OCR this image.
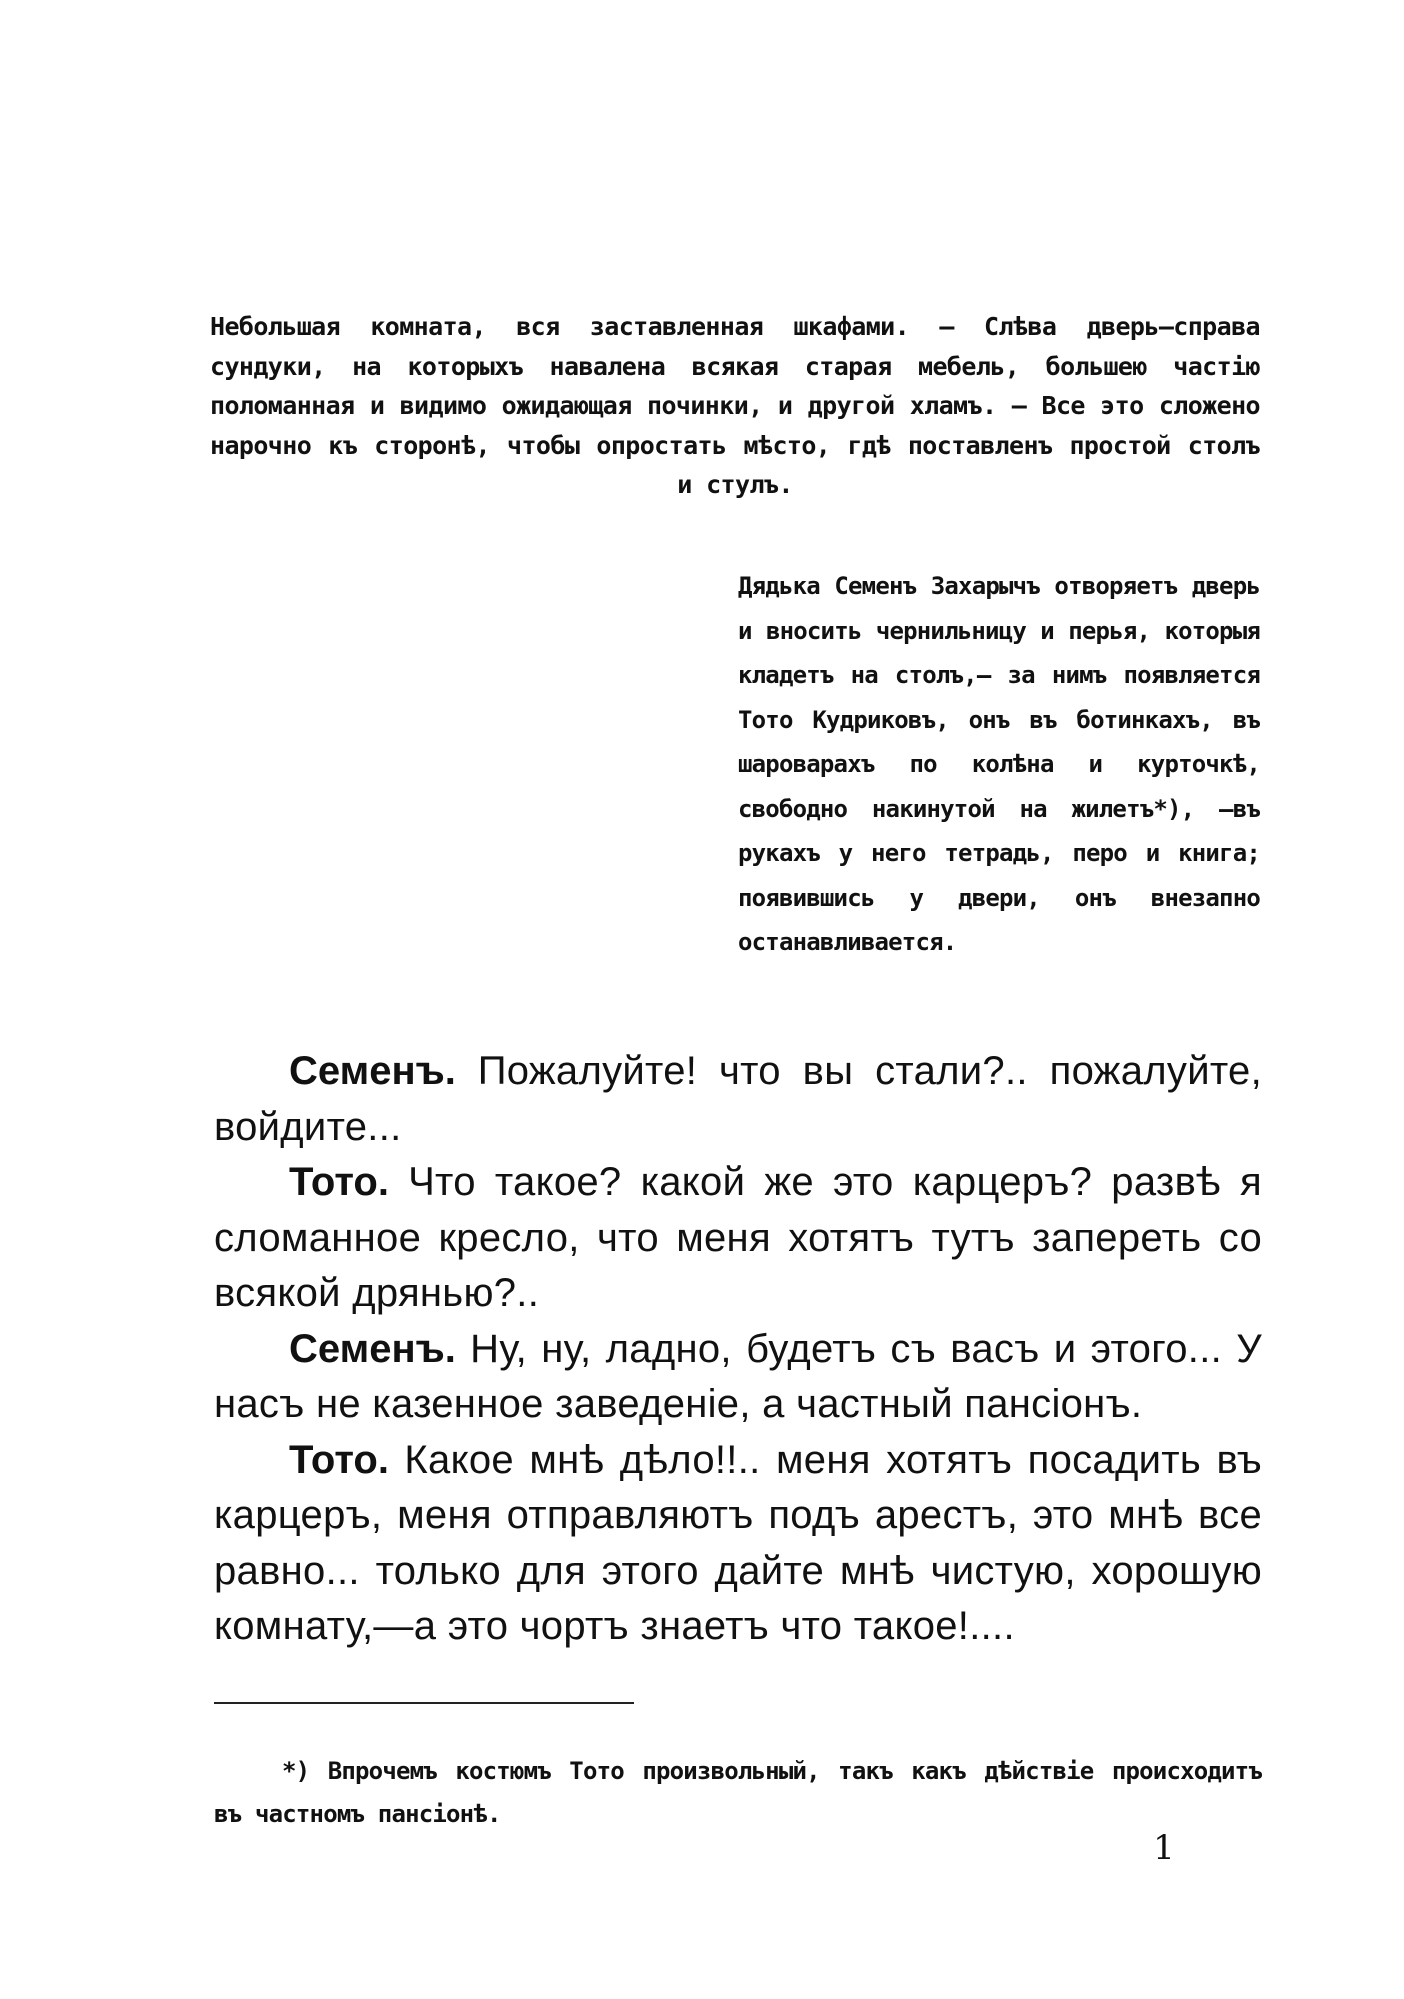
Небольшая комната, вся заставленная шкафами. — Слѣва дверь—справа сундуки, на которыхъ навалена всякая старая мебель, большею частію поломанная и видимо ожидающая починки, и другой хламъ. — Все это сложено нарочно къ сторонѣ, чтобы опростать мѣсто, гдѣ поставленъ простой столъ и стулъ.

Дядька Семенъ Захарычъ отворяетъ дверь и вносить чернильницу и перья, которыя кладетъ на столъ,— за нимъ появляется Тото Кудриковъ, онъ въ ботинкахъ, въ шароварахъ по колѣна и курточкѣ, свободно накинутой на жилетъ*), —въ рукахъ у него тетрадь, перо и книга; появившись у двери, онъ внезапно останавливается.

Семенъ. Пожалуйте! что вы стали?.. пожалуйте, войдите...

Тото. Что такое? какой же это карцеръ? развѣ я сломанное кресло, что меня хотятъ тутъ запереть со всякой дрянью?..

Семенъ. Ну, ну, ладно, будетъ съ васъ и этого... У насъ не казенное заведеніе, а частный пансіонъ.

Тото. Какое мнѣ дѣло!!.. меня хотятъ посадить въ карцеръ, меня отправляютъ подъ арестъ, это мнѣ все равно... только для этого дайте мнѣ чистую, хорошую комнату,—а это чортъ знаетъ что такое!....

*) Впрочемъ костюмъ Тото произвольный, такъ какъ дѣйствіе происходитъ въ частномъ пансіонѣ.

1
